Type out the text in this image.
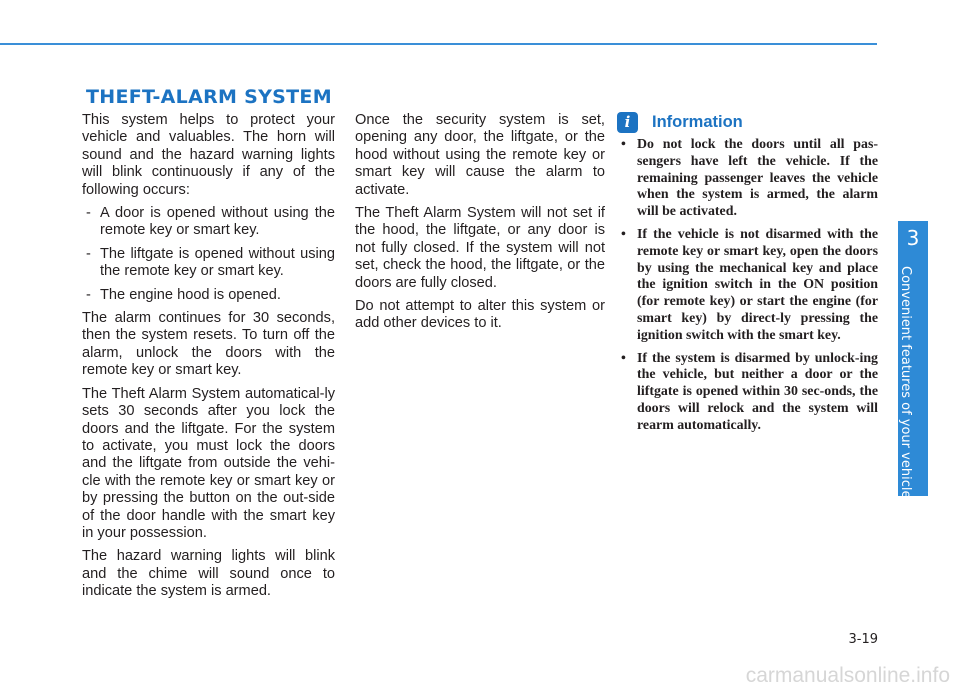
THEFT-ALARM SYSTEM

This system helps to protect your vehicle and valuables. The horn will sound and the hazard warning lights will blink continuously if any of the following occurs:

- A door is opened without using the remote key or smart key.
- The liftgate is opened without using the remote key or smart key.
- The engine hood is opened.

The alarm continues for 30 seconds, then the system resets. To turn off the alarm, unlock the doors with the remote key or smart key.

The Theft Alarm System automatical-ly sets 30 seconds after you lock the doors and the liftgate. For the system to activate, you must lock the doors and the liftgate from outside the vehi-cle with the remote key or smart key or by pressing the button on the out-side of the door handle with the smart key in your possession.

The hazard warning lights will blink and the chime will sound once to indicate the system is armed.

Once the security system is set, opening any door, the liftgate, or the hood without using the remote key or smart key will cause the alarm to activate.

The Theft Alarm System will not set if the hood, the liftgate, or any door is not fully closed. If the system will not set, check the hood, the liftgate, or the doors are fully closed.

Do not attempt to alter this system or add other devices to it.

i	Information
• Do not lock the doors until all pas-sengers have left the vehicle. If the remaining passenger leaves the vehicle when the system is armed, the alarm will be activated.
• If the vehicle is not disarmed with the remote key or smart key, open the doors by using the mechanical key and place the ignition switch in the ON position (for remote key) or start the engine (for smart key) by direct-ly pressing the ignition switch with the smart key.
• If the system is disarmed by unlock-ing the vehicle, but neither a door or the liftgate is opened within 30 sec-onds, the doors will relock and the system will rearm automatically.
3
Convenient features of your vehicle
3-19
carmanualsonline.info
